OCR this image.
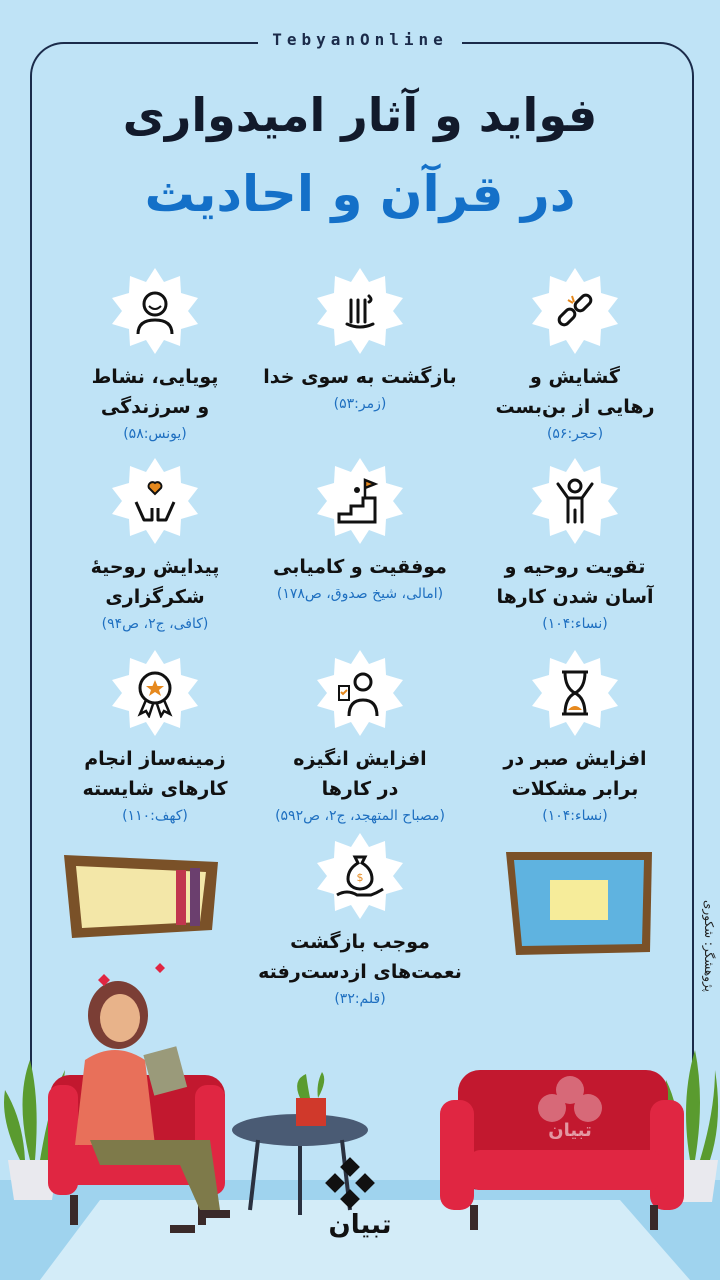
TebyanOnline
فواید و آثار امیدواری
در قرآن و احادیث
گشایش و
رهایی از بن‌بست
(حجر:۵۶)
بازگشت به سوی خدا
(زمر:۵۳)
پویایی، نشاط
و سرزندگی
(یونس:۵۸)
تقویت روحیه و
آسان شدن کارها
(نساء:۱۰۴)
موفقیت و کامیابی
(امالی، شیخ صدوق، ص۱۷۸)
پیدایش روحیهٔ
شکرگزاری
(کافی، ج۲، ص۹۴)
افزایش صبر در
برابر مشکلات
(نساء:۱۰۴)
افزایش انگیزه
در کارها
(مصباح المتهجد، ج۲، ص۵۹۲)
زمینه‌ساز انجام
کارهای شایسته
(کهف:۱۱۰)
$
موجب بازگشت
نعمت‌های ازدست‌رفته
(قلم:۳۲)
پژوهشگر: شکوری
تبیان
تبیان
